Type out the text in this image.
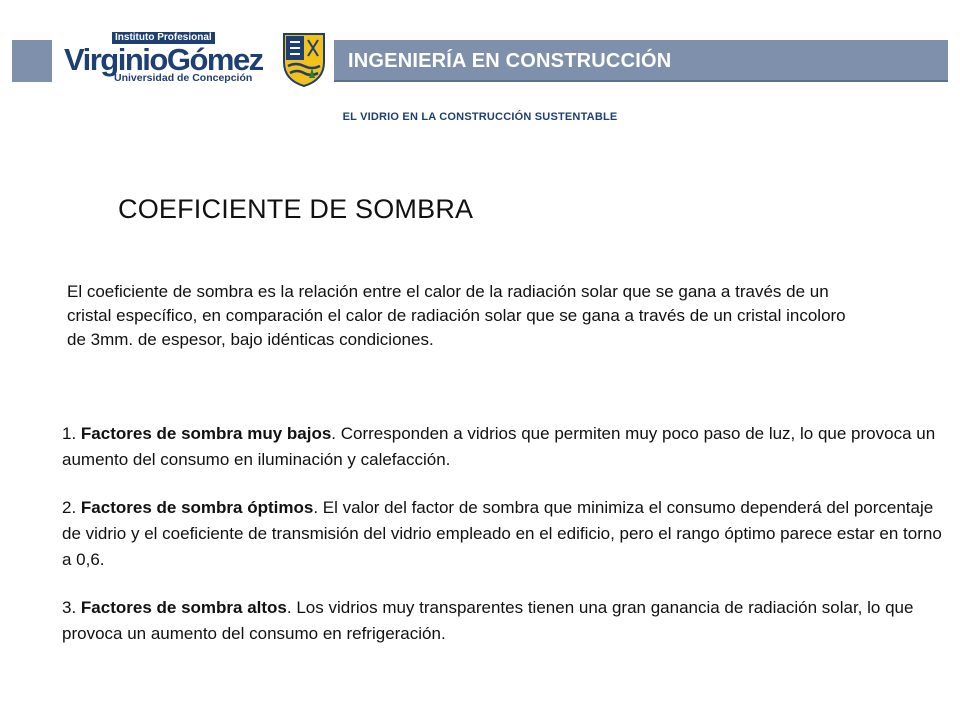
Instituto Profesional
VirginioGómez
Universidad de Concepción
INGENIERÍA EN CONSTRUCCIÓN
EL VIDRIO EN LA CONSTRUCCIÓN SUSTENTABLE
COEFICIENTE DE SOMBRA
El coeficiente de sombra es la relación entre el calor de la radiación solar que se gana a través de un cristal específico, en comparación el calor de radiación solar que se gana a través de un cristal incoloro de 3mm. de espesor, bajo idénticas condiciones.
1. Factores de sombra muy bajos. Corresponden a vidrios que permiten muy poco paso de luz, lo que provoca un aumento del consumo en iluminación y calefacción.
2. Factores de sombra óptimos. El valor del factor de sombra que minimiza el consumo dependerá del porcentaje de vidrio y el coeficiente de transmisión del vidrio empleado en el edificio, pero el rango óptimo parece estar en torno a 0,6.
3. Factores de sombra altos. Los vidrios muy transparentes tienen una gran ganancia de radiación solar, lo que provoca un aumento del consumo en refrigeración.
